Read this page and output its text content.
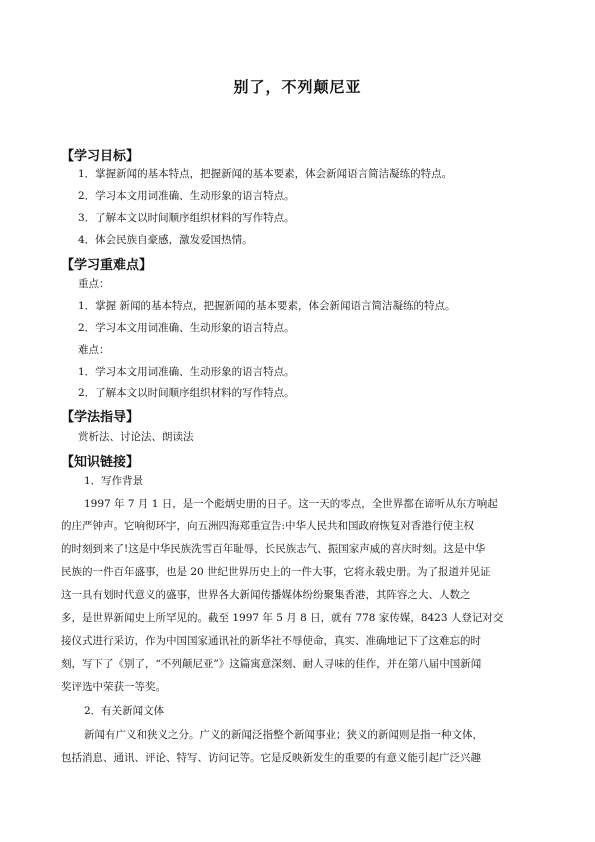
别了，不列颠尼亚
【学习目标】
1．掌握新闻的基本特点，把握新闻的基本要素，体会新闻语言简洁凝练的特点。
2．学习本文用词准确、生动形象的语言特点。
3．了解本文以时间顺序组织材料的写作特点。
4．体会民族自豪感，激发爱国热情。
【学习重难点】
重点：
1．掌握 新闻的基本特点，把握新闻的基本要素，体会新闻语言简洁凝练的特点。
2．学习本文用词准确、生动形象的语言特点。
难点：
1．学习本文用词准确、生动形象的语言特点。
2．了解本文以时间顺序组织材料的写作特点。
【学法指导】
赏析法、讨论法、朗读法
【知识链接】
1．写作背景
1997 年 7 月 1 日，是一个彪炳史册的日子。这一天的零点，全世界都在谛听从东方响起
的庄严钟声。它响彻环宇，向五洲四海郑重宣告:中华人民共和国政府恢复对香港行使主权
的时刻到来了!这是中华民族洗雪百年耻辱，长民族志气、振国家声威的喜庆时刻。这是中华
民族的一件百年盛事，也是 20 世纪世界历史上的一件大事，它将永载史册。为了报道并见证
这一具有划时代意义的盛事，世界各大新闻传播媒体纷纷聚集香港，其阵容之大、人数之
多，是世界新闻史上所罕见的。截至 1997 年 5 月 8 日，就有 778 家传媒，8423 人登记对交
接仪式进行采访，作为中国国家通讯社的新华社不辱使命，真实、准确地记下了这难忘的时
刻，写下了《别了，“不列颠尼亚”》这篇寓意深刻、耐人寻味的佳作，并在第八届中国新闻
奖评选中荣获一等奖。
2．有关新闻文体
新闻有广义和狭义之分。广义的新闻泛指整个新闻事业；狭义的新闻则是指一种文体，
包括消息、通讯、评论、特写、访问记等。它是反映新发生的重要的有意义能引起广泛兴趣
